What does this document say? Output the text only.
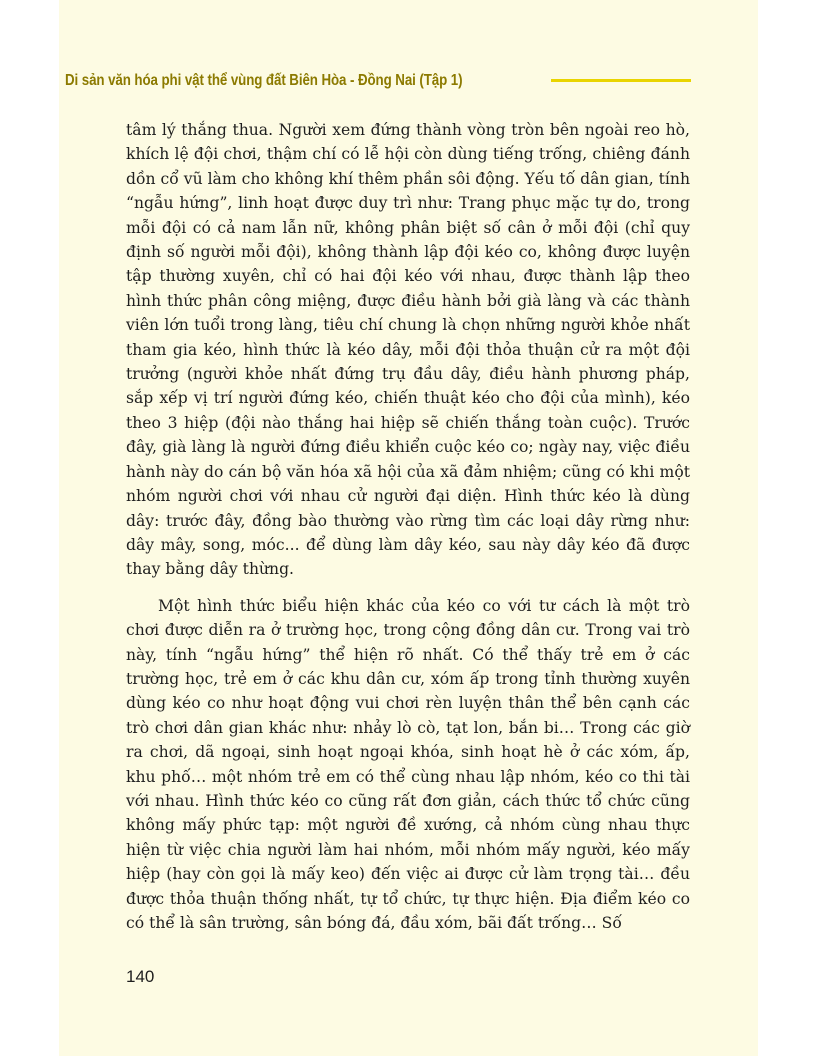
Di sản văn hóa phi vật thể vùng đất Biên Hòa - Đồng Nai (Tập 1)

tâm lý thắng thua. Người xem đứng thành vòng tròn bên ngoài reo hò, khích lệ đội chơi, thậm chí có lễ hội còn dùng tiếng trống, chiêng đánh dồn cổ vũ làm cho không khí thêm phần sôi động. Yếu tố dân gian, tính “ngẫu hứng”, linh hoạt được duy trì như: Trang phục mặc tự do, trong mỗi đội có cả nam lẫn nữ, không phân biệt số cân ở mỗi đội (chỉ quy định số người mỗi đội), không thành lập đội kéo co, không được luyện tập thường xuyên, chỉ có hai đội kéo với nhau, được thành lập theo hình thức phân công miệng, được điều hành bởi già làng và các thành viên lớn tuổi trong làng, tiêu chí chung là chọn những người khỏe nhất tham gia kéo, hình thức là kéo dây, mỗi đội thỏa thuận cử ra một đội trưởng (người khỏe nhất đứng trụ đầu dây, điều hành phương pháp, sắp xếp vị trí người đứng kéo, chiến thuật kéo cho đội của mình), kéo theo 3 hiệp (đội nào thắng hai hiệp sẽ chiến thắng toàn cuộc). Trước đây, già làng là người đứng điều khiển cuộc kéo co; ngày nay, việc điều hành này do cán bộ văn hóa xã hội của xã đảm nhiệm; cũng có khi một nhóm người chơi với nhau cử người đại diện. Hình thức kéo là dùng dây: trước đây, đồng bào thường vào rừng tìm các loại dây rừng như: dây mây, song, móc... để dùng làm dây kéo, sau này dây kéo đã được thay bằng dây thừng.

Một hình thức biểu hiện khác của kéo co với tư cách là một trò chơi được diễn ra ở trường học, trong cộng đồng dân cư. Trong vai trò này, tính “ngẫu hứng” thể hiện rõ nhất. Có thể thấy trẻ em ở các trường học, trẻ em ở các khu dân cư, xóm ấp trong tỉnh thường xuyên dùng kéo co như hoạt động vui chơi rèn luyện thân thể bên cạnh các trò chơi dân gian khác như: nhảy lò cò, tạt lon, bắn bi… Trong các giờ ra chơi, dã ngoại, sinh hoạt ngoại khóa, sinh hoạt hè ở các xóm, ấp, khu phố… một nhóm trẻ em có thể cùng nhau lập nhóm, kéo co thi tài với nhau. Hình thức kéo co cũng rất đơn giản, cách thức tổ chức cũng không mấy phức tạp: một người đề xướng, cả nhóm cùng nhau thực hiện từ việc chia người làm hai nhóm, mỗi nhóm mấy người, kéo mấy hiệp (hay còn gọi là mấy keo) đến việc ai được cử làm trọng tài… đều được thỏa thuận thống nhất, tự tổ chức, tự thực hiện. Địa điểm kéo co có thể là sân trường, sân bóng đá, đầu xóm, bãi đất trống… Số

140
